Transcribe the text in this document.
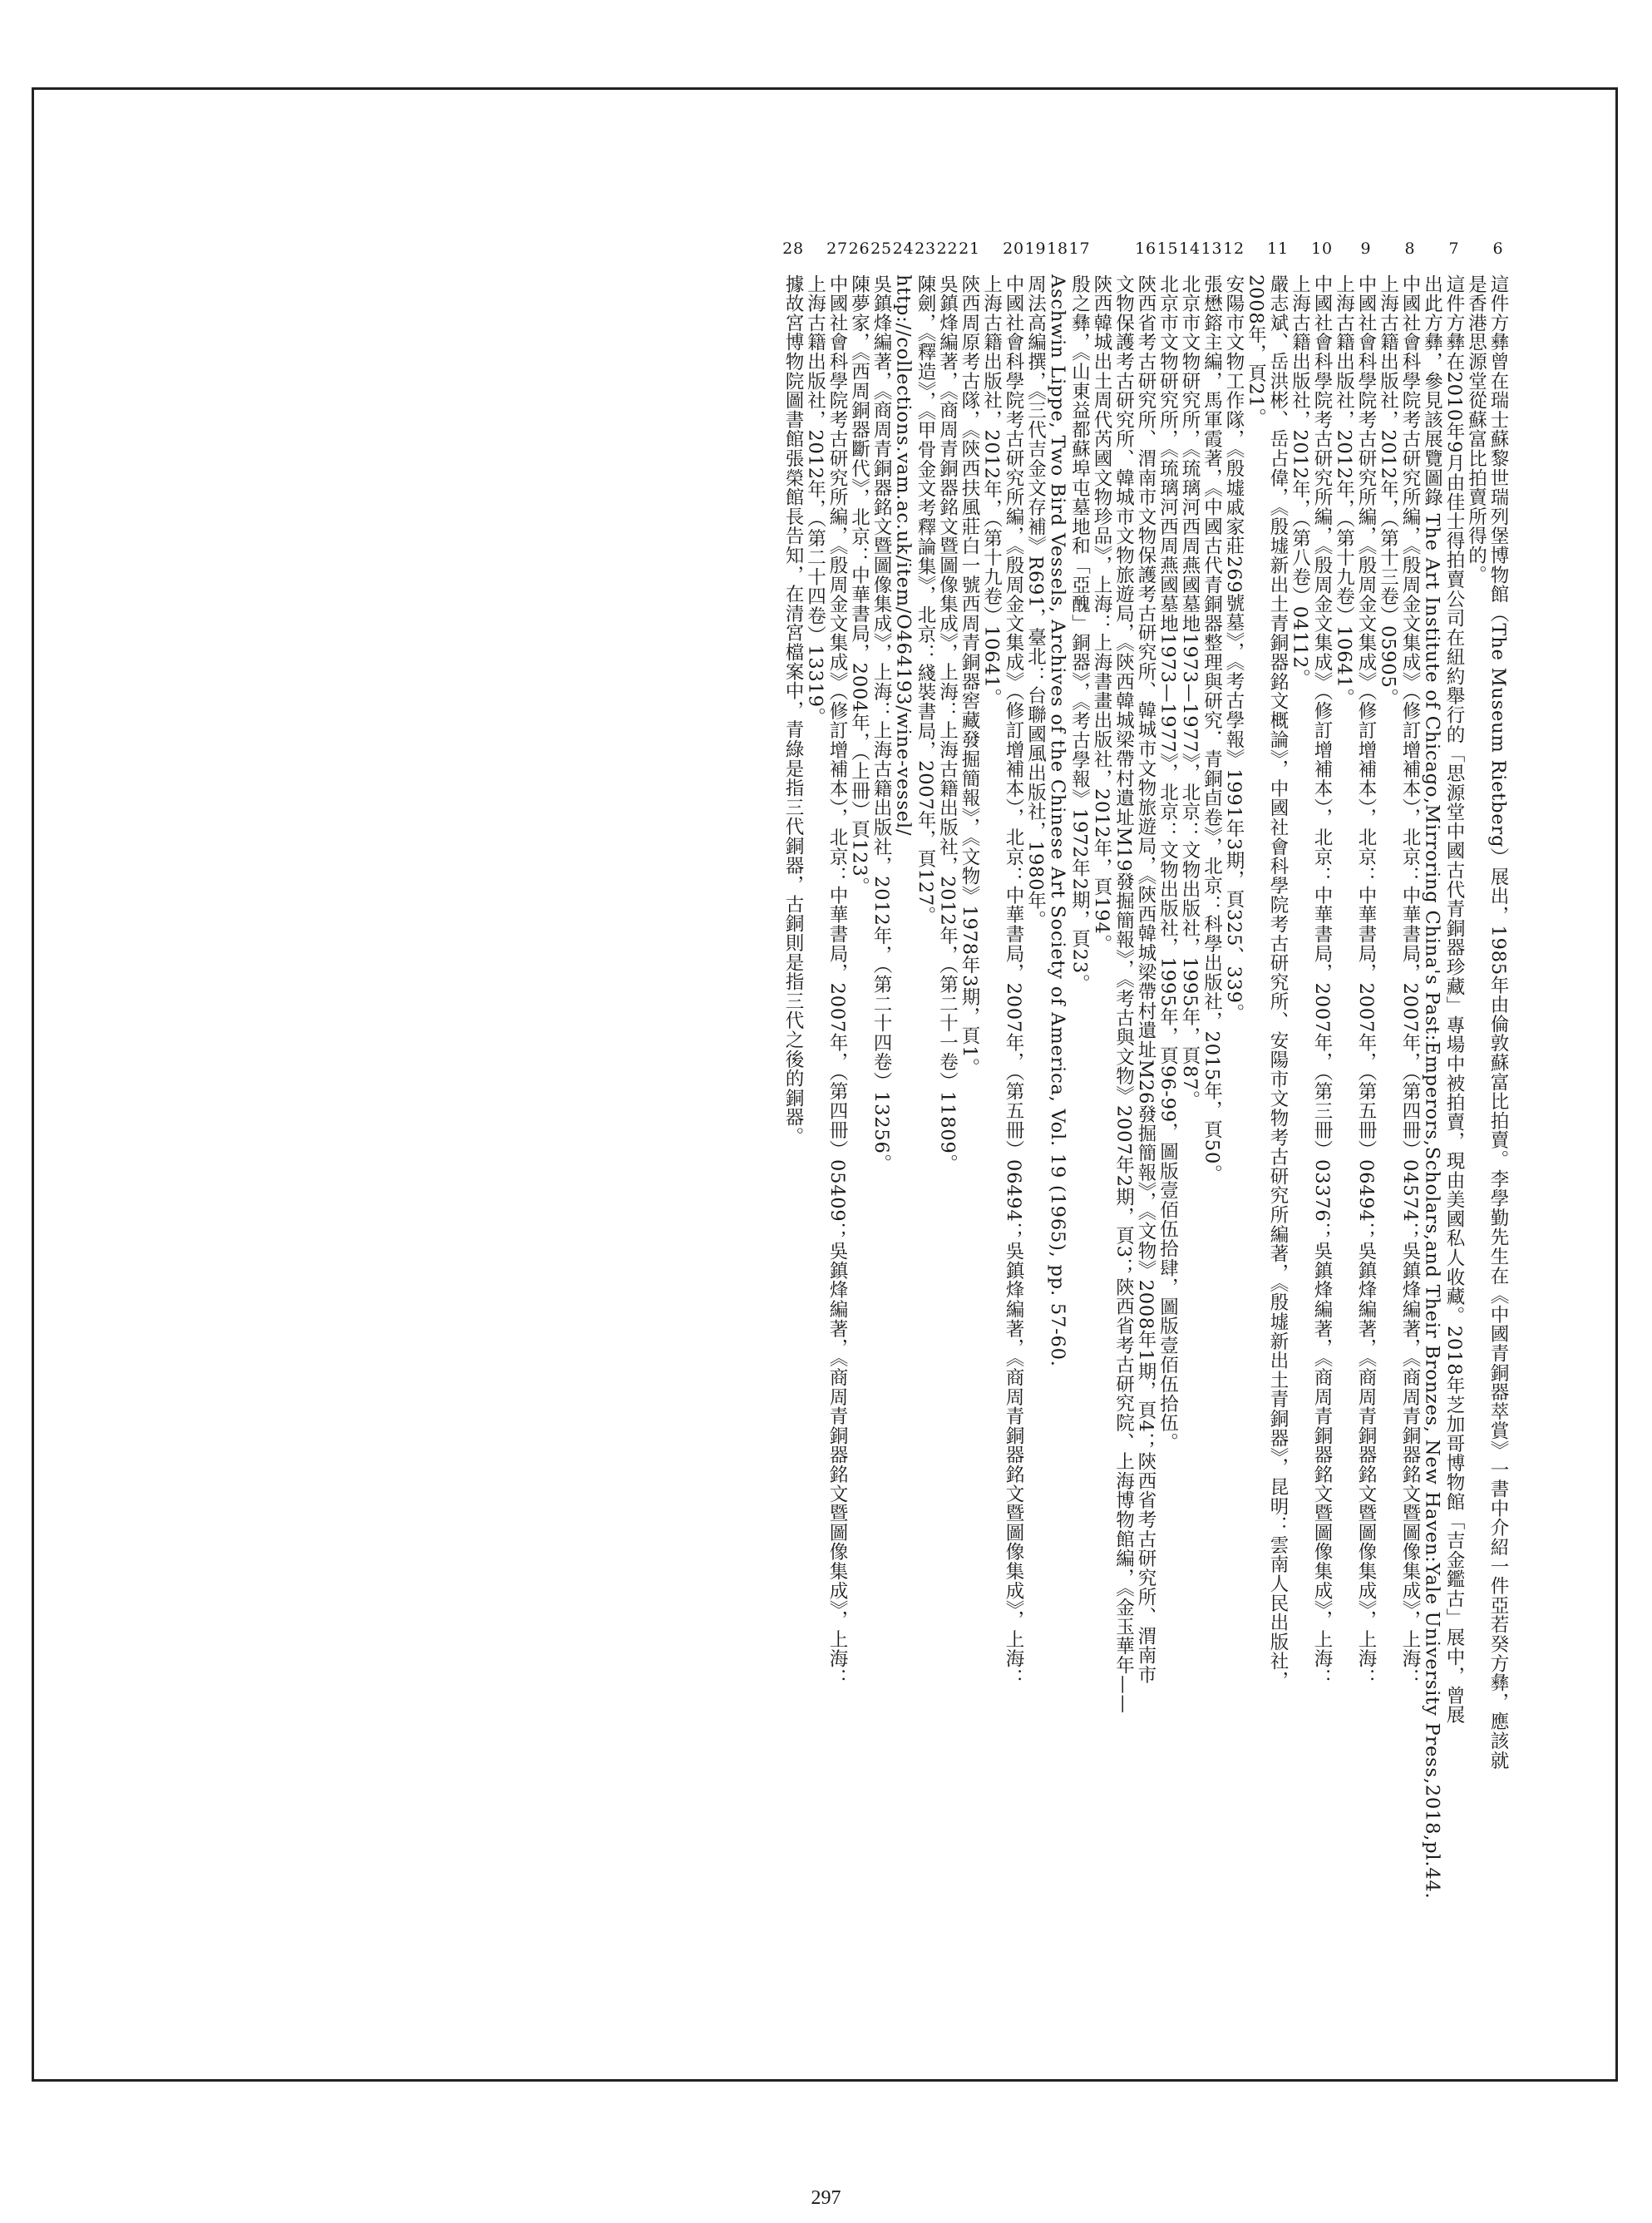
6
這件方彝曾在瑞士蘇黎世瑞列堡博物館（The Museum Rietberg）展出，1985年由倫敦蘇富比拍賣。李學勤先生在《中國青銅器萃賞》一書中介紹一件亞若癸方彝，應該就
是香港思源堂從蘇富比拍賣所得的。
7
這件方彝在2010年9月由佳士得拍賣公司在紐約舉行的「思源堂中國古代青銅器珍藏」專場中被拍賣，現由美國私人收藏。2018年芝加哥博物館「吉金鑑古」展中，曾展
出此方彝，參見該展覽圖錄 The Art Institute of Chicago,Mirroring China's Past:Emperors,Scholars,and Their Bronzes, New Haven:Yale University Press,2018,pl.44.
8
中國社會科學院考古研究所編，《殷周金文集成》（修訂增補本），北京：中華書局，2007年，（第四冊）04574；吳鎮烽編著，《商周青銅器銘文暨圖像集成》，上海：
上海古籍出版社，2012年，（第十三卷）05905。
9
中國社會科學院考古研究所編，《殷周金文集成》（修訂增補本），北京：中華書局，2007年，（第五冊）06494；吳鎮烽編著，《商周青銅器銘文暨圖像集成》，上海：
上海古籍出版社，2012年，（第十九卷）10641。
10
中國社會科學院考古研究所編，《殷周金文集成》（修訂增補本），北京：中華書局，2007年，（第三冊）03376；吳鎮烽編著，《商周青銅器銘文暨圖像集成》，上海：
上海古籍出版社，2012年，（第八卷）04112。
11
嚴志斌、岳洪彬、岳占偉，《殷墟新出土青銅器銘文概論》，中國社會科學院考古研究所、安陽市文物考古研究所編著，《殷墟新出土青銅器》，昆明：雲南人民出版社，
2008年，頁21。
12
安陽市文物工作隊，《殷墟戚家莊269號墓》，《考古學報》1991年3期，頁325、339。
13
張懋鎔主編，馬軍霞著，《中國古代青銅器整理與研究．青銅卣卷》，北京：科學出版社，2015年，頁50。
14
北京市文物研究所，《琉璃河西周燕國墓地1973—1977》，北京：文物出版社，1995年，頁87。
15
北京市文物研究所，《琉璃河西周燕國墓地1973—1977》，北京：文物出版社，1995年，頁96-99，圖版壹佰伍拾肆，圖版壹佰伍拾伍。
16
陝西省考古研究所、渭南市文物保護考古研究所、韓城市文物旅遊局，《陝西韓城梁帶村遺址M26發掘簡報》，《文物》2008年1期，頁4；陝西省考古研究所、渭南市
文物保護考古研究所、韓城市文物旅遊局，《陝西韓城梁帶村遺址M19發掘簡報》，《考古與文物》2007年2期，頁3；陝西省考古研究院、上海博物館編，《金玉華年——
陝西韓城出土周代芮國文物珍品》，上海：上海書畫出版社，2012年，頁194。
17
殷之彝，《山東益都蘇埠屯墓地和「亞醜」銅器》，《考古學報》1972年2期，頁23。
18
Aschwin Lippe, Two Bird Vessels, Archives of the Chinese Art Society of America, Vol. 19 (1965), pp. 57-60.
19
周法高編撰，《三代吉金文存補》R691，臺北：台聯國風出版社，1980年。
20
中國社會科學院考古研究所編，《殷周金文集成》（修訂增補本），北京：中華書局，2007年，（第五冊）06494；吳鎮烽編著，《商周青銅器銘文暨圖像集成》，上海：
上海古籍出版社，2012年，（第十九卷）10641。
21
陝西周原考古隊，《陝西扶風莊白一號西周青銅器窖藏發掘簡報》，《文物》1978年3期，頁1。
22
吳鎮烽編著，《商周青銅器銘文暨圖像集成》，上海：上海古籍出版社，2012年，（第二十一卷）11809。
23
陳劍，《釋造》，《甲骨金文考釋論集》，北京：綫裝書局，2007年，頁127。
24
http://collections.vam.ac.uk/item/O464193/wine-vessel/
25
吳鎮烽編著，《商周青銅器銘文暨圖像集成》，上海：上海古籍出版社，2012年，（第二十四卷）13256。
26
陳夢家，《西周銅器斷代》，北京：中華書局，2004年，（上冊）頁123。
27
中國社會科學院考古研究所編，《殷周金文集成》（修訂增補本），北京：中華書局，2007年，（第四冊）05409；吳鎮烽編著，《商周青銅器銘文暨圖像集成》，上海：
上海古籍出版社，2012年，（第二十四卷）13319。
28
據故宮博物院圖書館張榮館長告知，在清宮檔案中，青綠是指三代銅器，古銅則是指三代之後的銅器。
297
